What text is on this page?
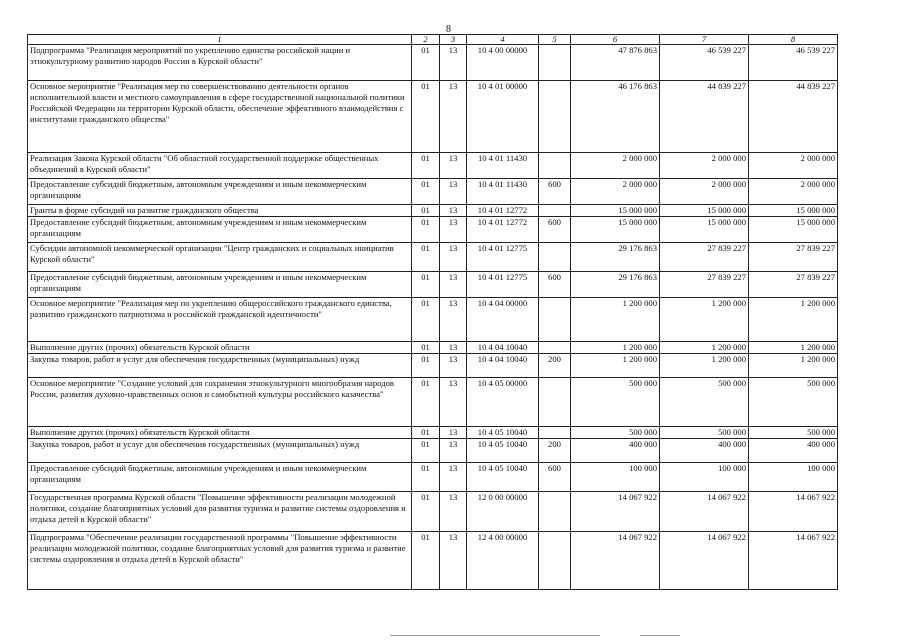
8
1	2	3	4	5	6	7	8
Подпрограмма "Реализация мероприятий по укреплению единства российской нации и этнокультурному развитию народов России в Курской области"	01	13	10 4 00 00000		47 876 863	46 539 227	46 539 227
Основное мероприятие "Реализация мер по совершенствованию деятельности органов исполнительной власти и местного самоуправления в сфере государственной национальной политики Российской Федерации на территории Курской области, обеспечение эффективного взаимодействия с институтами гражданского общества"	01	13	10 4 01 00000		46 176 863	44 839 227	44 839 227
Реализация Закона Курской области "Об областной государственной поддержке общественных объединений в Курской области"	01	13	10 4 01 11430		2 000 000	2 000 000	2 000 000
Предоставление субсидий бюджетным, автономным учреждениям и иным некоммерческим организациям	01	13	10 4 01 11430	600	2 000 000	2 000 000	2 000 000
Гранты в форме субсидий на развитие гражданского общества	01	13	10 4 01 12772		15 000 000	15 000 000	15 000 000
Предоставление субсидий бюджетным, автономным учреждениям и иным некоммерческим организациям	01	13	10 4 01 12772	600	15 000 000	15 000 000	15 000 000
Субсидии автономной некоммерческой организации "Центр гражданских и социальных инициатив Курской области"	01	13	10 4 01 12775		29 176 863	27 839 227	27 839 227
Предоставление субсидий бюджетным, автономным учреждениям и иным некоммерческим организациям	01	13	10 4 01 12775	600	29 176 863	27 839 227	27 839 227
Основное мероприятие "Реализация мер по укреплению общероссийского гражданского единства, развитию гражданского патриотизма и российской гражданской идентичности"	01	13	10 4 04 00000		1 200 000	1 200 000	1 200 000
Выполнение других (прочих) обязательств Курской области	01	13	10 4 04 10040		1 200 000	1 200 000	1 200 000
Закупка товаров, работ и услуг для обеспечения государственных (муниципальных) нужд	01	13	10 4 04 10040	200	1 200 000	1 200 000	1 200 000
Основное мероприятие "Создание условий для сохранения этнокультурного многообразия народов России, развития духовно-нравственных основ и самобытной культуры российского казачества"	01	13	10 4 05 00000		500 000	500 000	500 000
Выполнение других (прочих) обязательств Курской области	01	13	10 4 05 10040		500 000	500 000	500 000
Закупка товаров, работ и услуг для обеспечения государственных (муниципальных) нужд	01	13	10 4 05 10040	200	400 000	400 000	400 000
Предоставление субсидий бюджетным, автономным учреждениям и иным некоммерческим организациям	01	13	10 4 05 10040	600	100 000	100 000	100 000
Государственная программа Курской области "Повышение эффективности реализации молодежной политики, создание благоприятных условий для развития туризма и развитие системы оздоровления и отдыха детей в Курской области"	01	13	12 0 00 00000		14 067 922	14 067 922	14 067 922
Подпрограмма "Обеспечение реализации государственной программы "Повышение эффективности реализации молодежной политики, создание благоприятных условий для развития туризма и развитие системы оздоровления и отдыха детей в Курской области"	01	13	12 4 00 00000		14 067 922	14 067 922	14 067 922
